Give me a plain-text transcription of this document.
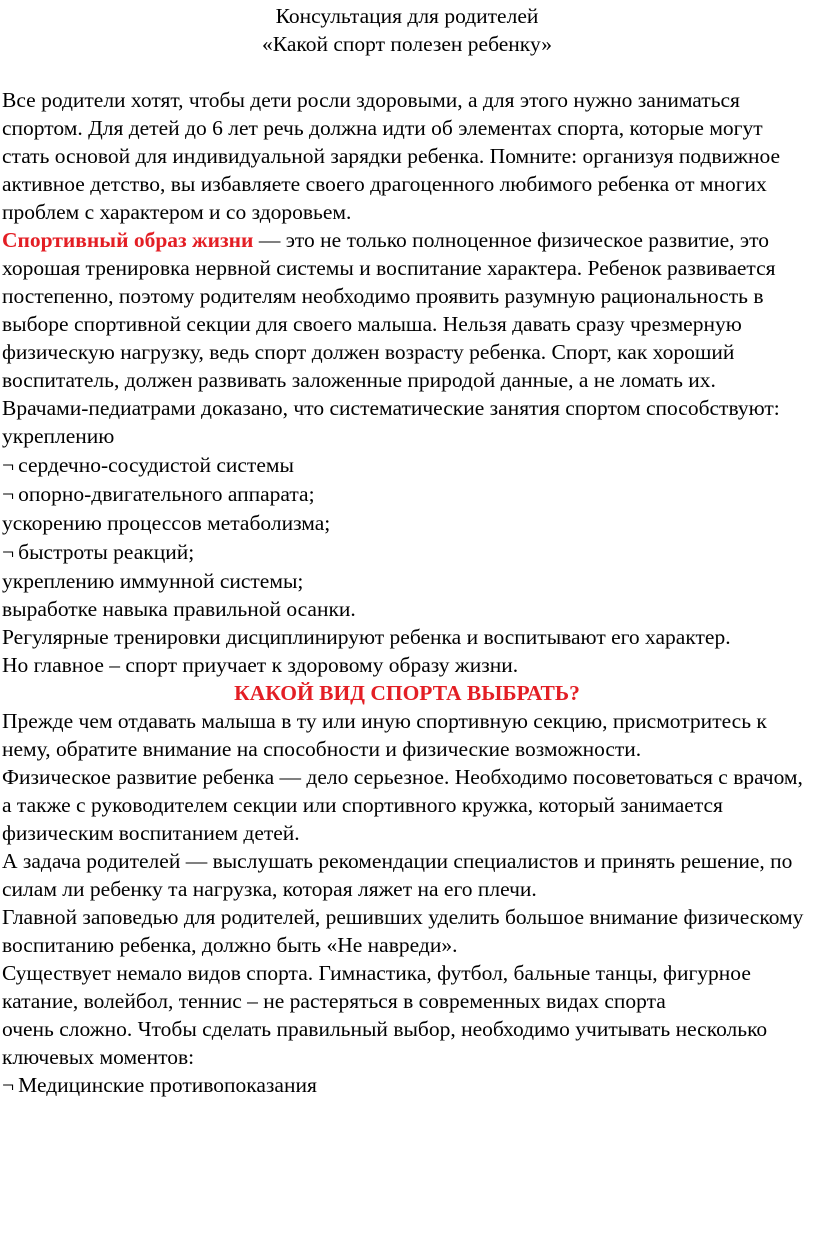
Консультация для родителей
«Какой спорт полезен ребенку»

Все родители хотят, чтобы дети росли здоровыми, а для этого нужно заниматься спортом. Для детей до 6 лет речь должна идти об элементах спорта, которые могут стать основой для индивидуальной зарядки ребенка. Помните: организуя подвижное активное детство, вы избавляете своего драгоценного любимого ребенка от многих проблем с характером и со здоровьем.

Спортивный образ жизни — это не только полноценное физическое развитие, это хорошая тренировка нервной системы и воспитание характера. Ребенок развивается постепенно, поэтому родителям необходимо проявить разумную рациональность в выборе спортивной секции для своего малыша. Нельзя давать сразу чрезмерную физическую нагрузку, ведь спорт должен возрасту ребенка. Спорт, как хороший воспитатель, должен развивать заложенные природой данные, а не ломать их.

Врачами-педиатрами доказано, что систематические занятия спортом способствуют: укреплению

¬ сердечно-сосудистой системы
¬ опорно-двигательного аппарата;
ускорению процессов метаболизма;
¬ быстроты реакций;
укреплению иммунной системы;
выработке навыка правильной осанки.

Регулярные тренировки дисциплинируют ребенка и воспитывают его характер.

Но главное – спорт приучает к здоровому образу жизни.

КАКОЙ ВИД СПОРТА ВЫБРАТЬ?

Прежде чем отдавать малыша в ту или иную спортивную секцию, присмотритесь к нему, обратите внимание на способности и физические возможности.

Физическое развитие ребенка — дело серьезное. Необходимо посоветоваться с врачом, а также с руководителем секции или спортивного кружка, который занимается физическим воспитанием детей.

А задача родителей — выслушать рекомендации специалистов и принять решение, по силам ли ребенку та нагрузка, которая ляжет на его плечи.

Главной заповедью для родителей, решивших уделить большое внимание физическому воспитанию ребенка, должно быть «Не навреди».

Существует немало видов спорта. Гимнастика, футбол, бальные танцы, фигурное катание, волейбол, теннис – не растеряться в современных видах спорта

очень сложно. Чтобы сделать правильный выбор, необходимо учитывать несколько ключевых моментов:

¬ Медицинские противопоказания
